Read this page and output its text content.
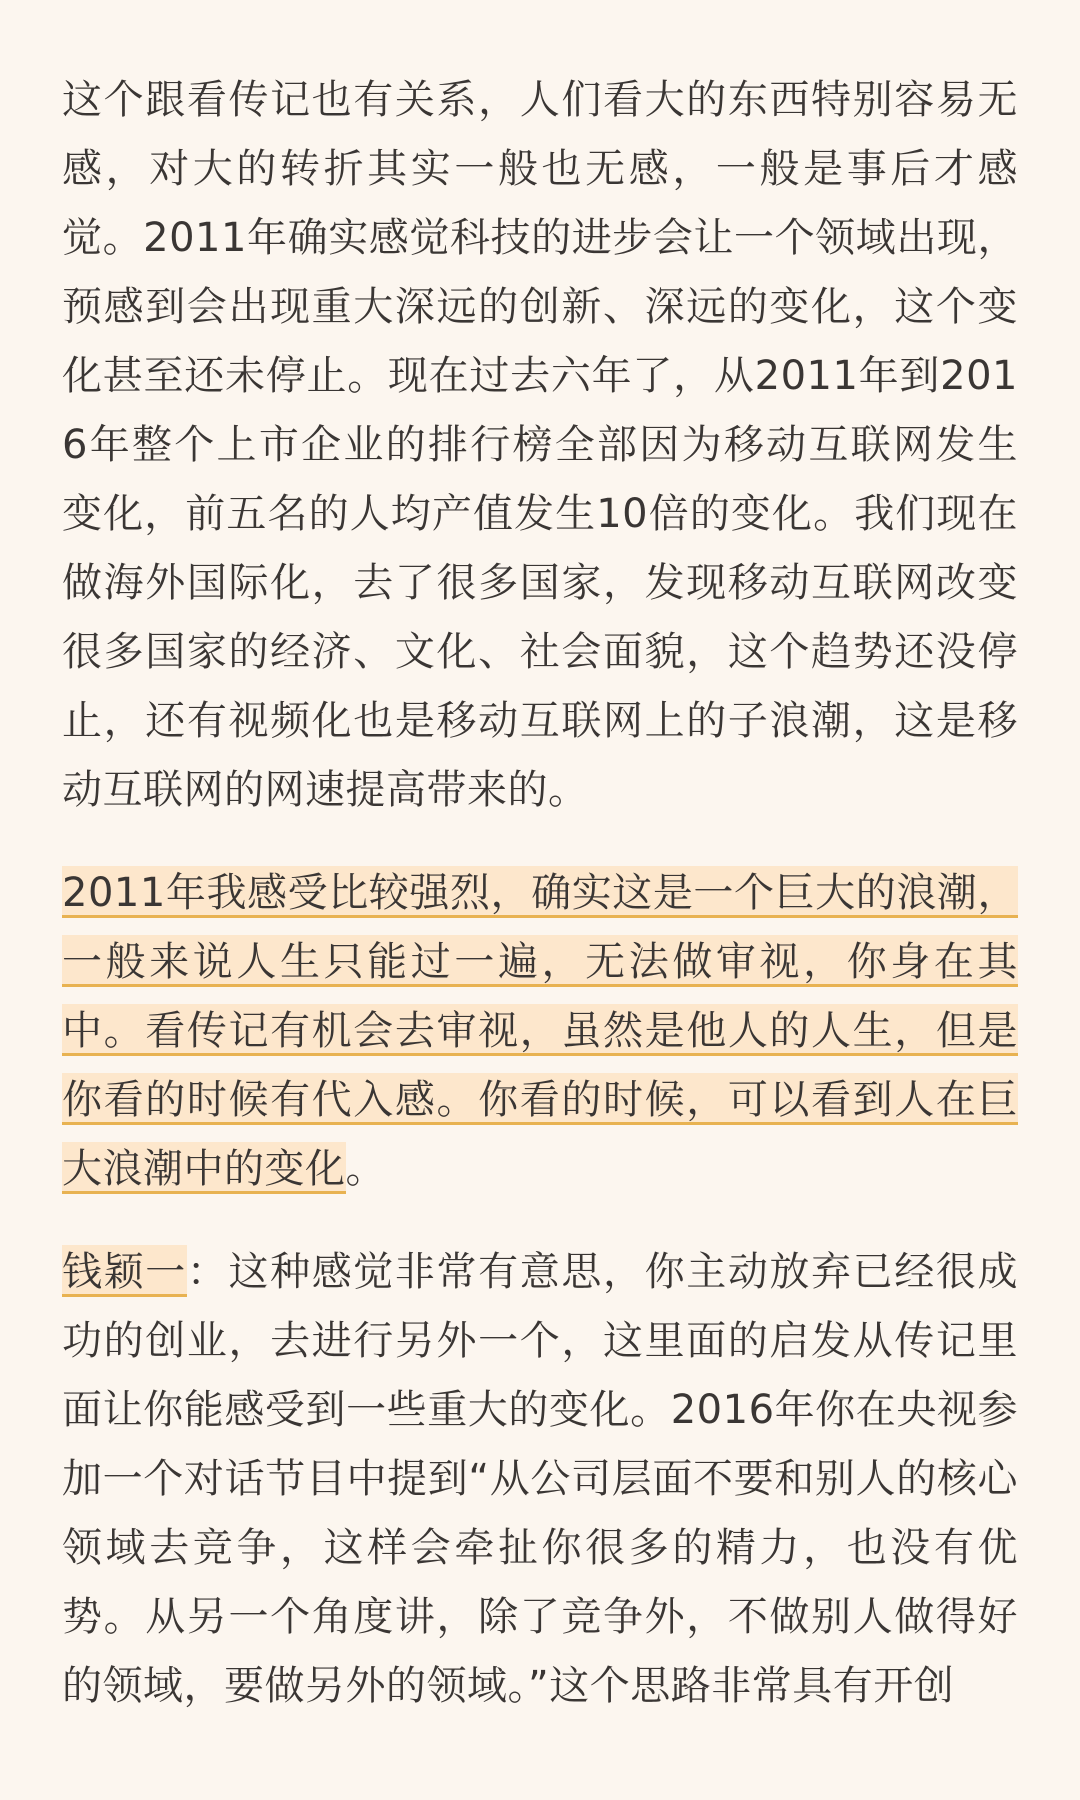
这个跟看传记也有关系，人们看大的东西特别容易无感，对大的转折其实一般也无感，一般是事后才感觉。2011年确实感觉科技的进步会让一个领域出现，预感到会出现重大深远的创新、深远的变化，这个变化甚至还未停止。现在过去六年了，从2011年到2016年整个上市企业的排行榜全部因为移动互联网发生变化，前五名的人均产值发生10倍的变化。我们现在做海外国际化，去了很多国家，发现移动互联网改变很多国家的经济、文化、社会面貌，这个趋势还没停止，还有视频化也是移动互联网上的子浪潮，这是移动互联网的网速提高带来的。

2011年我感受比较强烈，确实这是一个巨大的浪潮，一般来说人生只能过一遍，无法做审视，你身在其中。看传记有机会去审视，虽然是他人的人生，但是你看的时候有代入感。你看的时候，可以看到人在巨大浪潮中的变化。

钱颖一：这种感觉非常有意思，你主动放弃已经很成功的创业，去进行另外一个，这里面的启发从传记里面让你能感受到一些重大的变化。2016年你在央视参加一个对话节目中提到“从公司层面不要和别人的核心领域去竞争，这样会牵扯你很多的精力，也没有优势。从另一个角度讲，除了竞争外，不做别人做得好的领域，要做另外的领域。”这个思路非常具有开创
